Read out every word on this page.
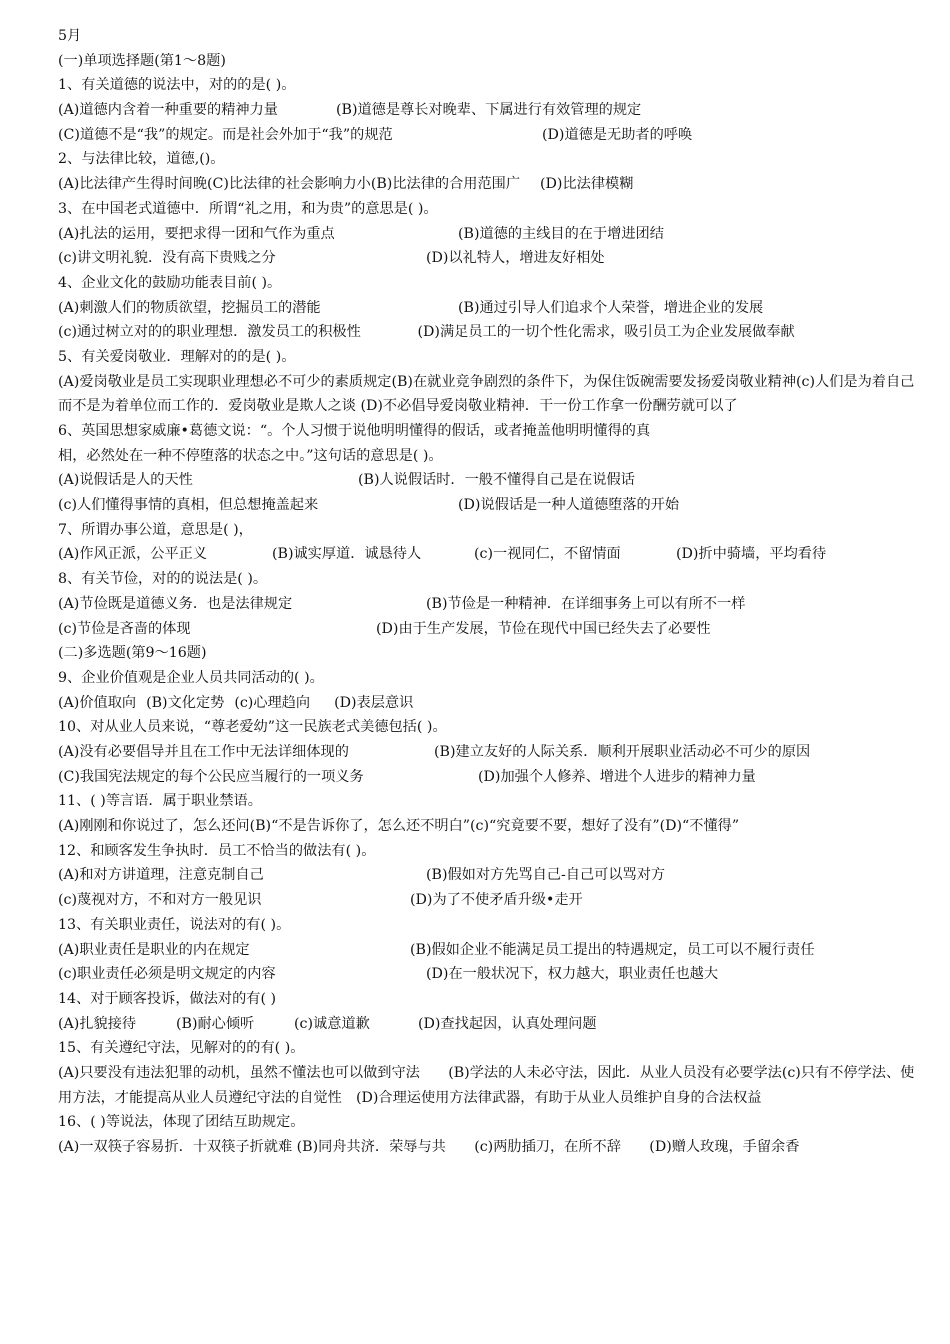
5月
(一)单项选择题(第1～8题)
1、有关道德的说法中，对的的是( )。
(A)道德内含着一种重要的精神力量	(B)道德是尊长对晚辈、下属进行有效管理的规定
(C)道德不是“我”的规定。而是社会外加于“我”的规范	(D)道德是无助者的呼唤
2、与法律比较，道德,()。
(A)比法律产生得时间晚(C)比法律的社会影响力小(B)比法律的合用范围广 (D)比法律模糊
3、在中国老式道德中．所谓“礼之用，和为贵”的意思是( )。
(A)扎法的运用，要把求得一团和气作为重点	(B)道德的主线目的在于增进团结
(c)讲文明礼貌．没有高下贵贱之分	(D)以礼特人，增进友好相处
4、企业文化的鼓励功能表目前( )。
(A)刺激人们的物质欲望，挖掘员工的潜能	(B)通过引导人们追求个人荣誉，增进企业的发展
(c)通过树立对的的职业理想．激发员工的积极性　　　　(D)满足员工的一切个性化需求，吸引员工为企业发展做奉献
5、有关爱岗敬业．理解对的的是( )。
(A)爱岗敬业是员工实现职业理想必不可少的素质规定(B)在就业竞争剧烈的条件下，为保住饭碗需要发扬爱岗敬业精神(c)人们是为着自己而不是为着单位而工作的．爱岗敬业是欺人之谈 (D)不必倡导爱岗敬业精神．干一份工作拿一份酬劳就可以了
6、英国思想家威廉•葛德文说：“。个人习惯于说他明明懂得的假话，或者掩盖他明明懂得的真
相，必然处在一种不停堕落的状态之中。”这句话的意思是( )。
(A)说假话是人的天性	(B)人说假话时．一般不懂得自己是在说假话
(c)人们懂得事情的真相，但总想掩盖起来	(D)说假话是一种人道德堕落的开始
7、所谓办事公道，意思是( )，
(A)作风正派，公平正义	(B)诚实厚道．诚恳待人	(c)一视同仁，不留情面	(D)折中骑墙，平均看待
8、有关节俭，对的的说法是( )。
(A)节俭既是道德义务．也是法律规定	(B)节俭是一种精神．在详细事务上可以有所不一样
(c)节俭是吝啬的体现	(D)由于生产发展，节俭在现代中国已经失去了必要性
(二)多选题(第9～16题)
9、企业价值观是企业人员共同活动的( )。
(A)价值取向 (B)文化定势 (c)心理趋向 (D)表层意识
10、对从业人员来说，“尊老爱幼”这一民族老式美德包括( )。
(A)没有必要倡导并且在工作中无法详细体现的　　　　　　(B)建立友好的人际关系．顺利开展职业活动必不可少的原因
(C)我国宪法规定的每个公民应当履行的一项义务	(D)加强个人修养、增进个人进步的精神力量
11、( )等言语．属于职业禁语。
(A)刚刚和你说过了，怎么还问(B)“不是告诉你了，怎么还不明白”(c)“究竟要不要，想好了没有”(D)“不懂得”
12、和顾客发生争执时．员工不恰当的做法有( )。
(A)和对方讲道理，注意克制自己	(B)假如对方先骂自己-自己可以骂对方
(c)蔑视对方，不和对方一般见识	(D)为了不使矛盾升级•走开
13、有关职业责任，说法对的有( )。
(A)职业责任是职业的内在规定	(B)假如企业不能满足员工提出的特遇规定，员工可以不履行责任
(c)职业责任必须是明文规定的内容	(D)在一般状况下，权力越大，职业责任也越大
14、对于顾客投诉，做法对的有( )
(A)扎貌接待	(B)耐心倾听	(c)诚意道歉	(D)查找起因，认真处理问题
15、有关遵纪守法，见解对的的有( )。
(A)只要没有违法犯罪的动机，虽然不懂法也可以做到守法　　(B)学法的人未必守法，因此．从业人员没有必要学法(c)只有不停学法、使用方法，才能提高从业人员遵纪守法的自觉性　(D)合理运使用方法律武器，有助于从业人员维护自身的合法权益
16、( )等说法，体现了团结互助规定。
(A)一双筷子容易折．十双筷子折就难 (B)同舟共济．荣辱与共　　(c)两肋插刀，在所不辞　　(D)赠人玫瑰，手留余香
